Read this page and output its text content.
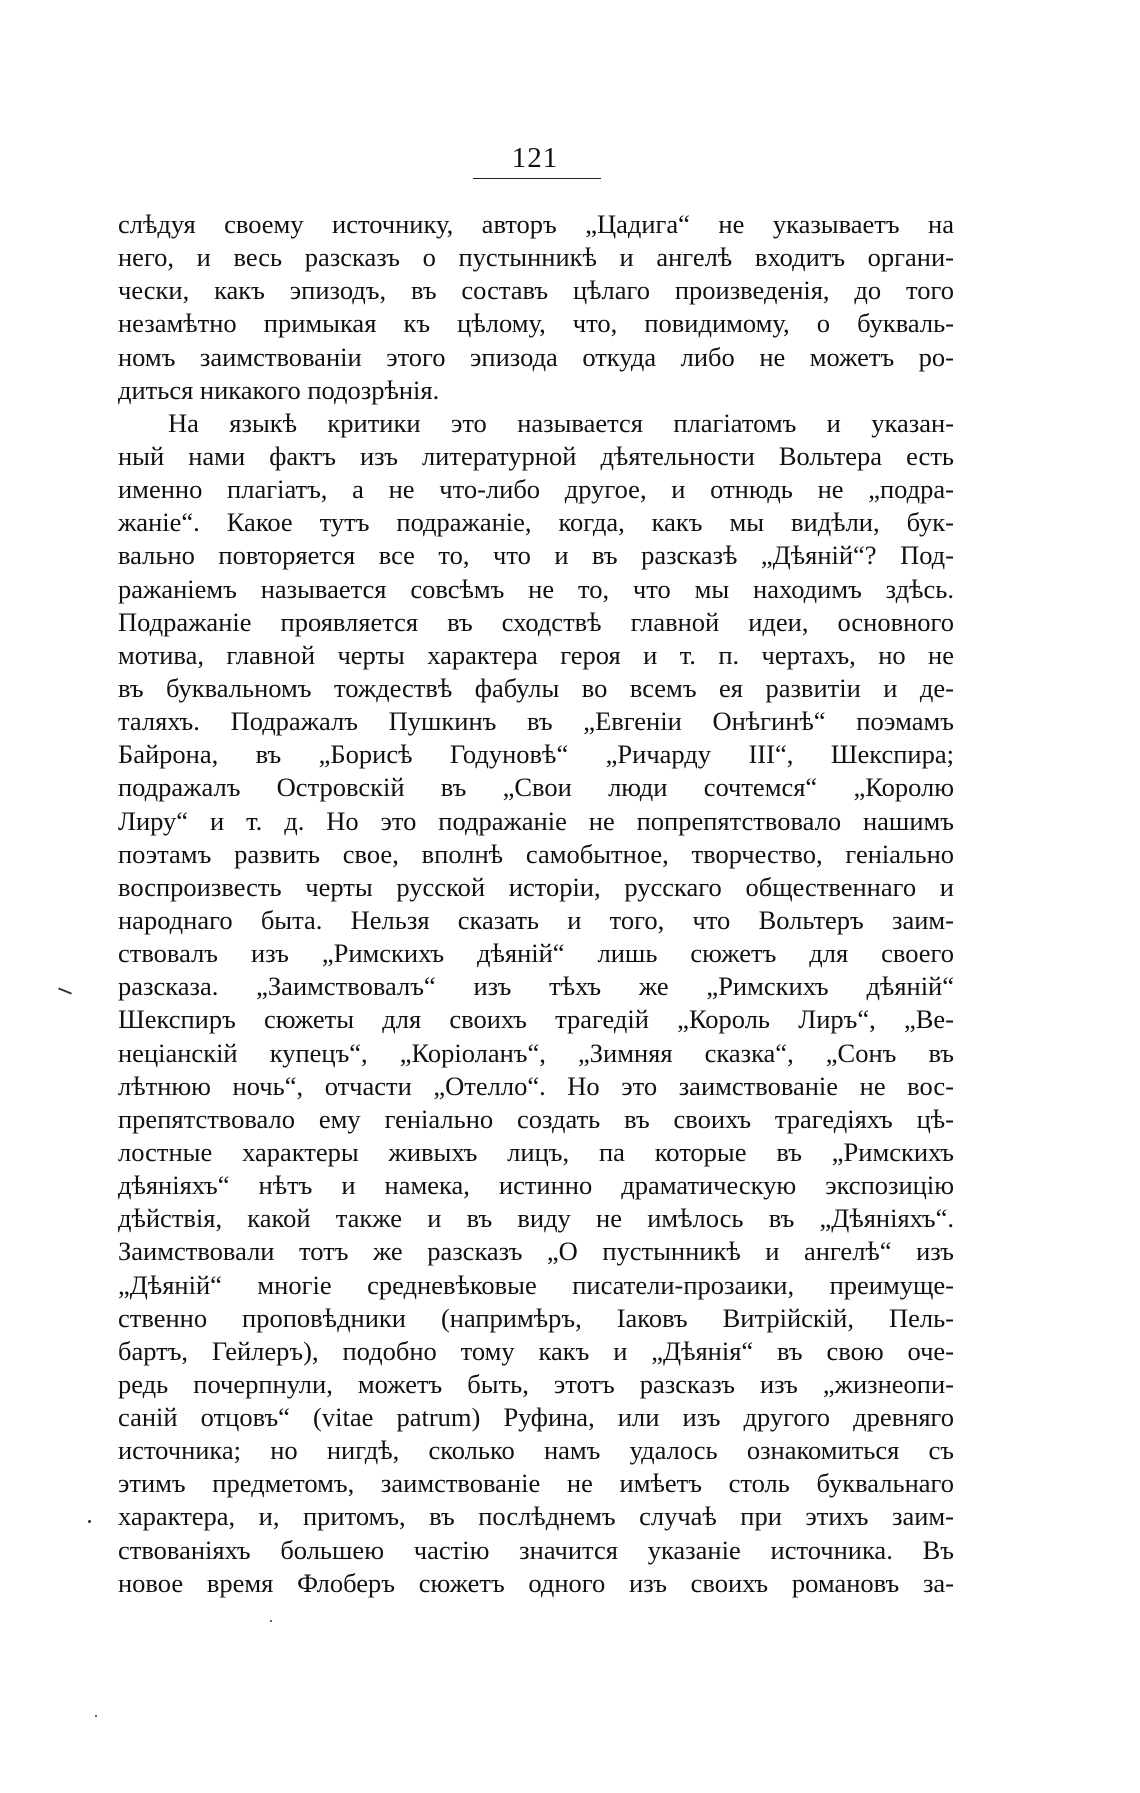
121
слѣдуя своему источнику, авторъ „Цадига“ не указываетъ на
него, и весь разсказъ о пустынникѣ и ангелѣ входитъ органи-
чески, какъ эпизодъ, въ составъ цѣлаго произведенія, до того
незамѣтно примыкая къ цѣлому, что, повидимому, о букваль-
номъ заимствованіи этого эпизода откуда либо не можетъ ро-
диться никакого подозрѣнія.
На языкѣ критики это называется плагіатомъ и указан-
ный нами фактъ изъ литературной дѣятельности Вольтера есть
именно плагіатъ, а не что-либо другое, и отнюдь не „подра-
жаніе“. Какое тутъ подражаніе, когда, какъ мы видѣли, бук-
вально повторяется все то, что и въ разсказѣ „Дѣяній“? Под-
ражаніемъ называется совсѣмъ не то, что мы находимъ здѣсь.
Подражаніе проявляется въ сходствѣ главной идеи, основного
мотива, главной черты характера героя и т. п. чертахъ, но не
въ буквальномъ тождествѣ фабулы во всемъ ея развитіи и де-
таляхъ. Подражалъ Пушкинъ въ „Евгеніи Онѣгинѣ“ поэмамъ
Байрона, въ „Борисѣ Годуновѣ“ „Ричарду III“, Шекспира;
подражалъ Островскій въ „Свои люди сочтемся“ „Королю
Лиру“ и т. д. Но это подражаніе не попрепятствовало нашимъ
поэтамъ развить свое, вполнѣ самобытное, творчество, геніально
воспроизвесть черты русской исторіи, русскаго общественнаго и
народнаго быта. Нельзя сказать и того, что Вольтеръ заим-
ствовалъ изъ „Римскихъ дѣяній“ лишь сюжетъ для своего
разсказа. „Заимствовалъ“ изъ тѣхъ же „Римскихъ дѣяній“
Шекспиръ сюжеты для своихъ трагедій „Король Лиръ“, „Ве-
неціанскій купецъ“, „Коріоланъ“, „Зимняя сказка“, „Сонъ въ
лѣтнюю ночь“, отчасти „Отелло“. Но это заимствованіе не вос-
препятствовало ему геніально создать въ своихъ трагедіяхъ цѣ-
лостные характеры живыхъ лицъ, па которые въ „Римскихъ
дѣяніяхъ“ нѣтъ и намека, истинно драматическую экспозицію
дѣйствія, какой также и въ виду не имѣлось въ „Дѣяніяхъ“.
Заимствовали тотъ же разсказъ „О пустынникѣ и ангелѣ“ изъ
„Дѣяній“ многіе средневѣковые писатели-прозаики, преимуще-
ственно проповѣдники (напримѣръ, Іаковъ Витрійскій, Пель-
бартъ, Гейлеръ), подобно тому какъ и „Дѣянія“ въ свою оче-
редь почерпнули, можетъ быть, этотъ разсказъ изъ „жизнеопи-
саній отцовъ“ (vitae patrum) Руфина, или изъ другого древняго
источника; но нигдѣ, сколько намъ удалось ознакомиться съ
этимъ предметомъ, заимствованіе не имѣетъ столь буквальнаго
характера, и, притомъ, въ послѣднемъ случаѣ при этихъ заим-
ствованіяхъ большею частію значится указаніе источника. Въ
новое время Флоберъ сюжетъ одного изъ своихъ романовъ за-
